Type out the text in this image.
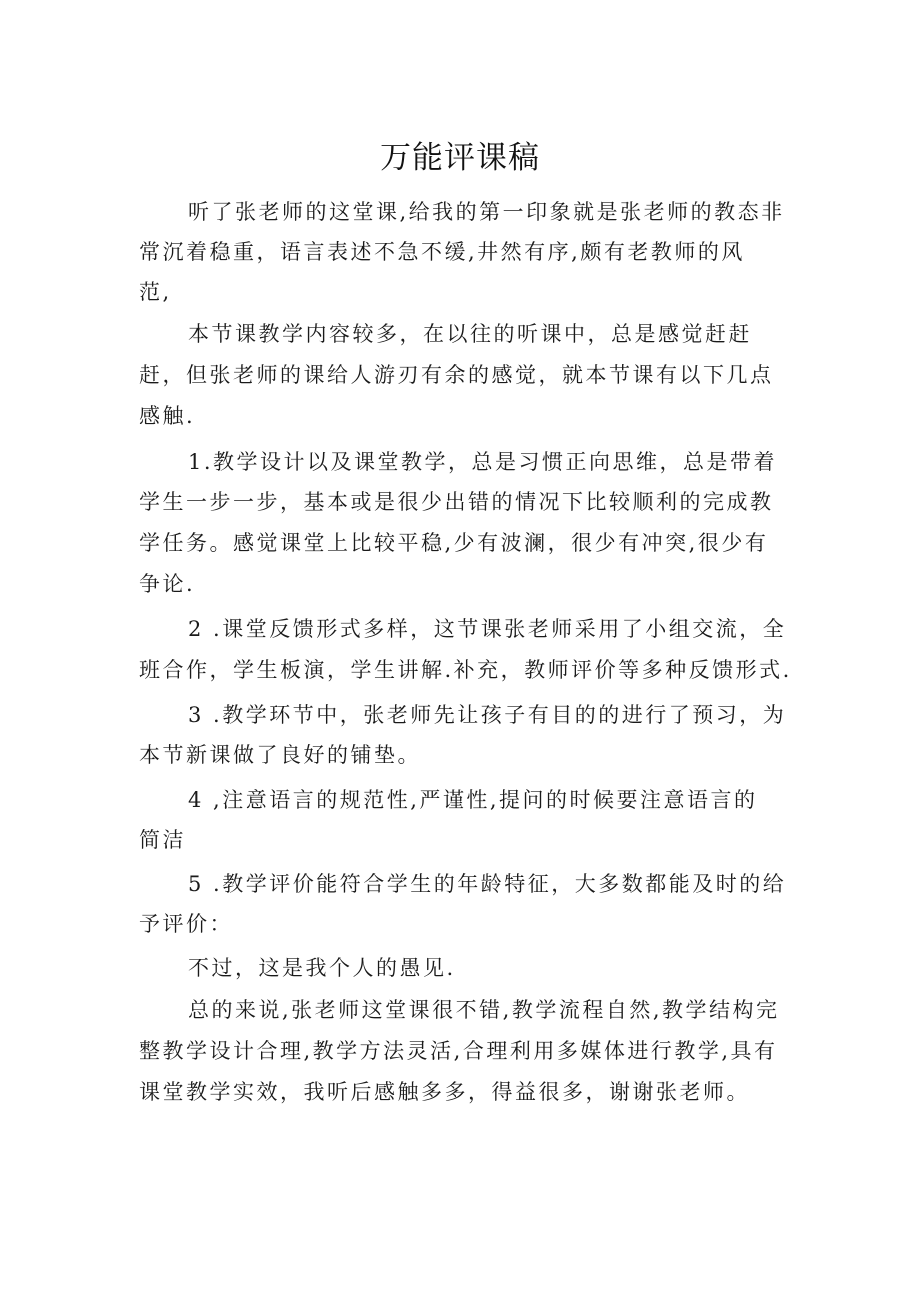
万能评课稿
听了张老师的这堂课,给我的第一印象就是张老师的教态非
常沉着稳重，语言表述不急不缓,井然有序,颇有老教师的风
范,
本节课教学内容较多，在以往的听课中，总是感觉赶赶
赶，但张老师的课给人游刃有余的感觉，就本节课有以下几点
感触.
1.教学设计以及课堂教学，总是习惯正向思维，总是带着
学生一步一步，基本或是很少出错的情况下比较顺利的完成教
学任务。感觉课堂上比较平稳,少有波澜，很少有冲突,很少有
争论.
2 .课堂反馈形式多样，这节课张老师采用了小组交流，全
班合作，学生板演，学生讲解.补充，教师评价等多种反馈形式.
3 .教学环节中，张老师先让孩子有目的的进行了预习，为
本节新课做了良好的铺垫。
4 ,注意语言的规范性,严谨性,提问的时候要注意语言的
简洁
5 .教学评价能符合学生的年龄特征，大多数都能及时的给
予评价：
不过，这是我个人的愚见.
总的来说,张老师这堂课很不错,教学流程自然,教学结构完
整教学设计合理,教学方法灵活,合理利用多媒体进行教学,具有
课堂教学实效，我听后感触多多，得益很多，谢谢张老师。
